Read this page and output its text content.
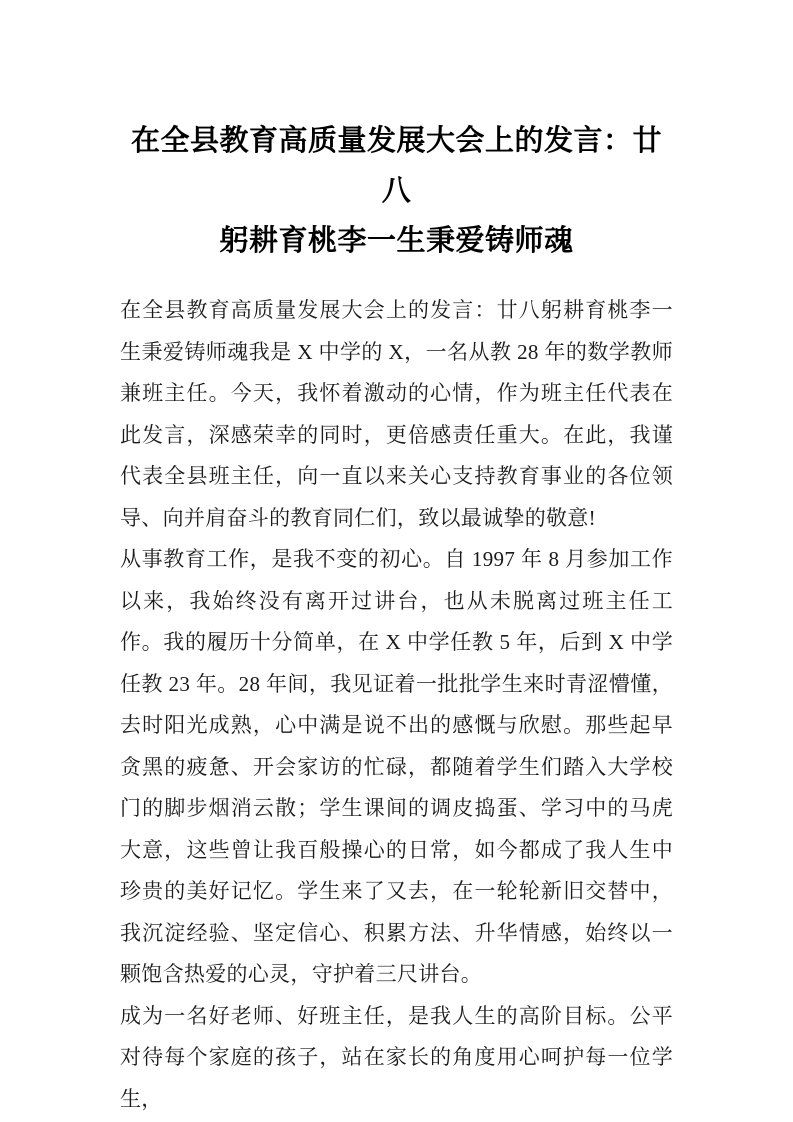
在全县教育高质量发展大会上的发言：廿八
躬耕育桃李一生秉爱铸师魂

在全县教育高质量发展大会上的发言：廿八躬耕育桃李一生秉爱铸师魂我是 X 中学的 X，一名从教 28 年的数学教师兼班主任。今天，我怀着激动的心情，作为班主任代表在此发言，深感荣幸的同时，更倍感责任重大。在此，我谨代表全县班主任，向一直以来关心支持教育事业的各位领导、向并肩奋斗的教育同仁们，致以最诚挚的敬意!

从事教育工作，是我不变的初心。自 1997 年 8 月参加工作以来，我始终没有离开过讲台，也从未脱离过班主任工作。我的履历十分简单，在 X 中学任教 5 年，后到 X 中学任教 23 年。28 年间，我见证着一批批学生来时青涩懵懂，去时阳光成熟，心中满是说不出的感慨与欣慰。那些起早贪黑的疲惫、开会家访的忙碌，都随着学生们踏入大学校门的脚步烟消云散；学生课间的调皮捣蛋、学习中的马虎大意，这些曾让我百般操心的日常，如今都成了我人生中珍贵的美好记忆。学生来了又去，在一轮轮新旧交替中，我沉淀经验、坚定信心、积累方法、升华情感，始终以一颗饱含热爱的心灵，守护着三尺讲台。

成为一名好老师、好班主任，是我人生的高阶目标。公平对待每个家庭的孩子，站在家长的角度用心呵护每一位学生，
